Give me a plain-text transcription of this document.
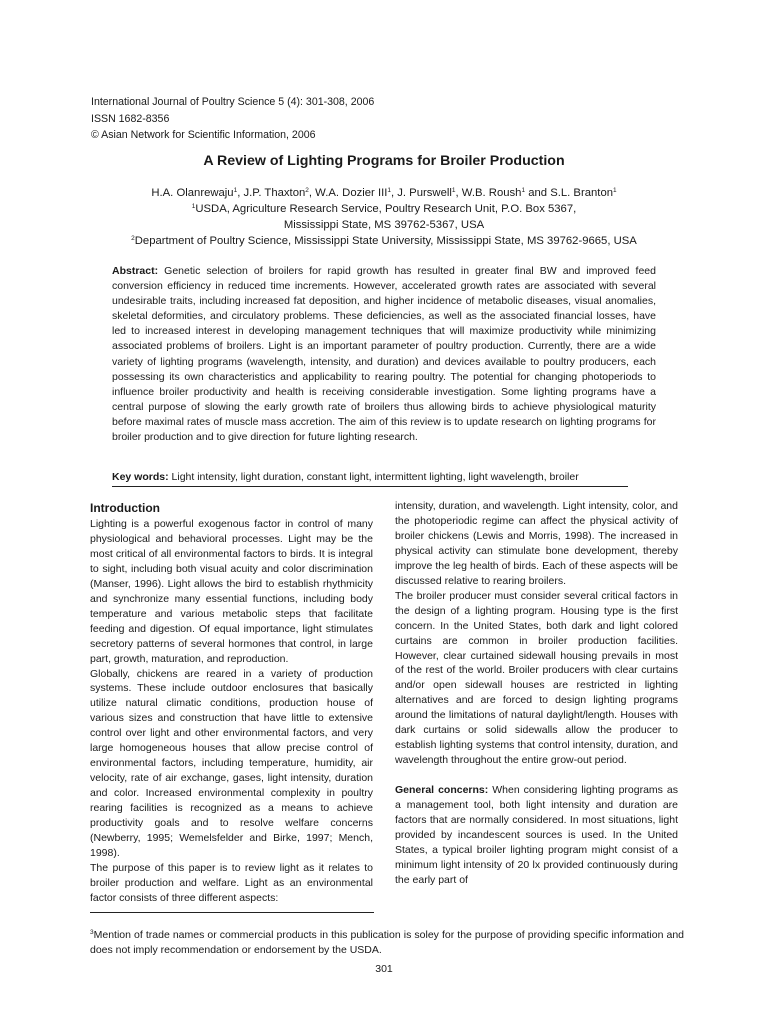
International Journal of Poultry Science 5 (4): 301-308, 2006
ISSN 1682-8356
© Asian Network for Scientific Information, 2006
A Review of Lighting Programs for Broiler Production
H.A. Olanrewaju$^1$, J.P. Thaxton$^2$, W.A. Dozier III$^1$, J. Purswell$^1$, W.B. Roush$^1$ and S.L. Branton$^1$
$^1$USDA, Agriculture Research Service, Poultry Research Unit, P.O. Box 5367,
Mississippi State, MS 39762-5367, USA
$^2$Department of Poultry Science, Mississippi State University, Mississippi State, MS 39762-9665, USA
Abstract: Genetic selection of broilers for rapid growth has resulted in greater final BW and improved feed conversion efficiency in reduced time increments. However, accelerated growth rates are associated with several undesirable traits, including increased fat deposition, and higher incidence of metabolic diseases, visual anomalies, skeletal deformities, and circulatory problems. These deficiencies, as well as the associated financial losses, have led to increased interest in developing management techniques that will maximize productivity while minimizing associated problems of broilers. Light is an important parameter of poultry production. Currently, there are a wide variety of lighting programs (wavelength, intensity, and duration) and devices available to poultry producers, each possessing its own characteristics and applicability to rearing poultry. The potential for changing photoperiods to influence broiler productivity and health is receiving considerable investigation. Some lighting programs have a central purpose of slowing the early growth rate of broilers thus allowing birds to achieve physiological maturity before maximal rates of muscle mass accretion. The aim of this review is to update research on lighting programs for broiler production and to give direction for future lighting research.
Key words: Light intensity, light duration, constant light, intermittent lighting, light wavelength, broiler

Introduction

Lighting is a powerful exogenous factor in control of many physiological and behavioral processes. Light may be the most critical of all environmental factors to birds. It is integral to sight, including both visual acuity and color discrimination (Manser, 1996). Light allows the bird to establish rhythmicity and synchronize many essential functions, including body temperature and various metabolic steps that facilitate feeding and digestion. Of equal importance, light stimulates secretory patterns of several hormones that control, in large part, growth, maturation, and reproduction.

Globally, chickens are reared in a variety of production systems. These include outdoor enclosures that basically utilize natural climatic conditions, production house of various sizes and construction that have little to extensive control over light and other environmental factors, and very large homogeneous houses that allow precise control of environmental factors, including temperature, humidity, air velocity, rate of air exchange, gases, light intensity, duration and color. Increased environmental complexity in poultry rearing facilities is recognized as a means to achieve productivity goals and to resolve welfare concerns (Newberry, 1995; Wemelsfelder and Birke, 1997; Mench, 1998).

The purpose of this paper is to review light as it relates to broiler production and welfare. Light as an environmental factor consists of three different aspects:

intensity, duration, and wavelength. Light intensity, color, and the photoperiodic regime can affect the physical activity of broiler chickens (Lewis and Morris, 1998). The increased in physical activity can stimulate bone development, thereby improve the leg health of birds. Each of these aspects will be discussed relative to rearing broilers.

The broiler producer must consider several critical factors in the design of a lighting program. Housing type is the first concern. In the United States, both dark and light colored curtains are common in broiler production facilities. However, clear curtained sidewall housing prevails in most of the rest of the world. Broiler producers with clear curtains and/or open sidewall houses are restricted in lighting alternatives and are forced to design lighting programs around the limitations of natural daylight/length. Houses with dark curtains or solid sidewalls allow the producer to establish lighting systems that control intensity, duration, and wavelength throughout the entire grow-out period.

General concerns: When considering lighting programs as a management tool, both light intensity and duration are factors that are normally considered. In most situations, light provided by incandescent sources is used. In the United States, a typical broiler lighting program might consist of a minimum light intensity of 20 lx provided continuously during the early part of

$^3$Mention of trade names or commercial products in this publication is soley for the purpose of providing specific information and does not imply recommendation or endorsement by the USDA.
301
